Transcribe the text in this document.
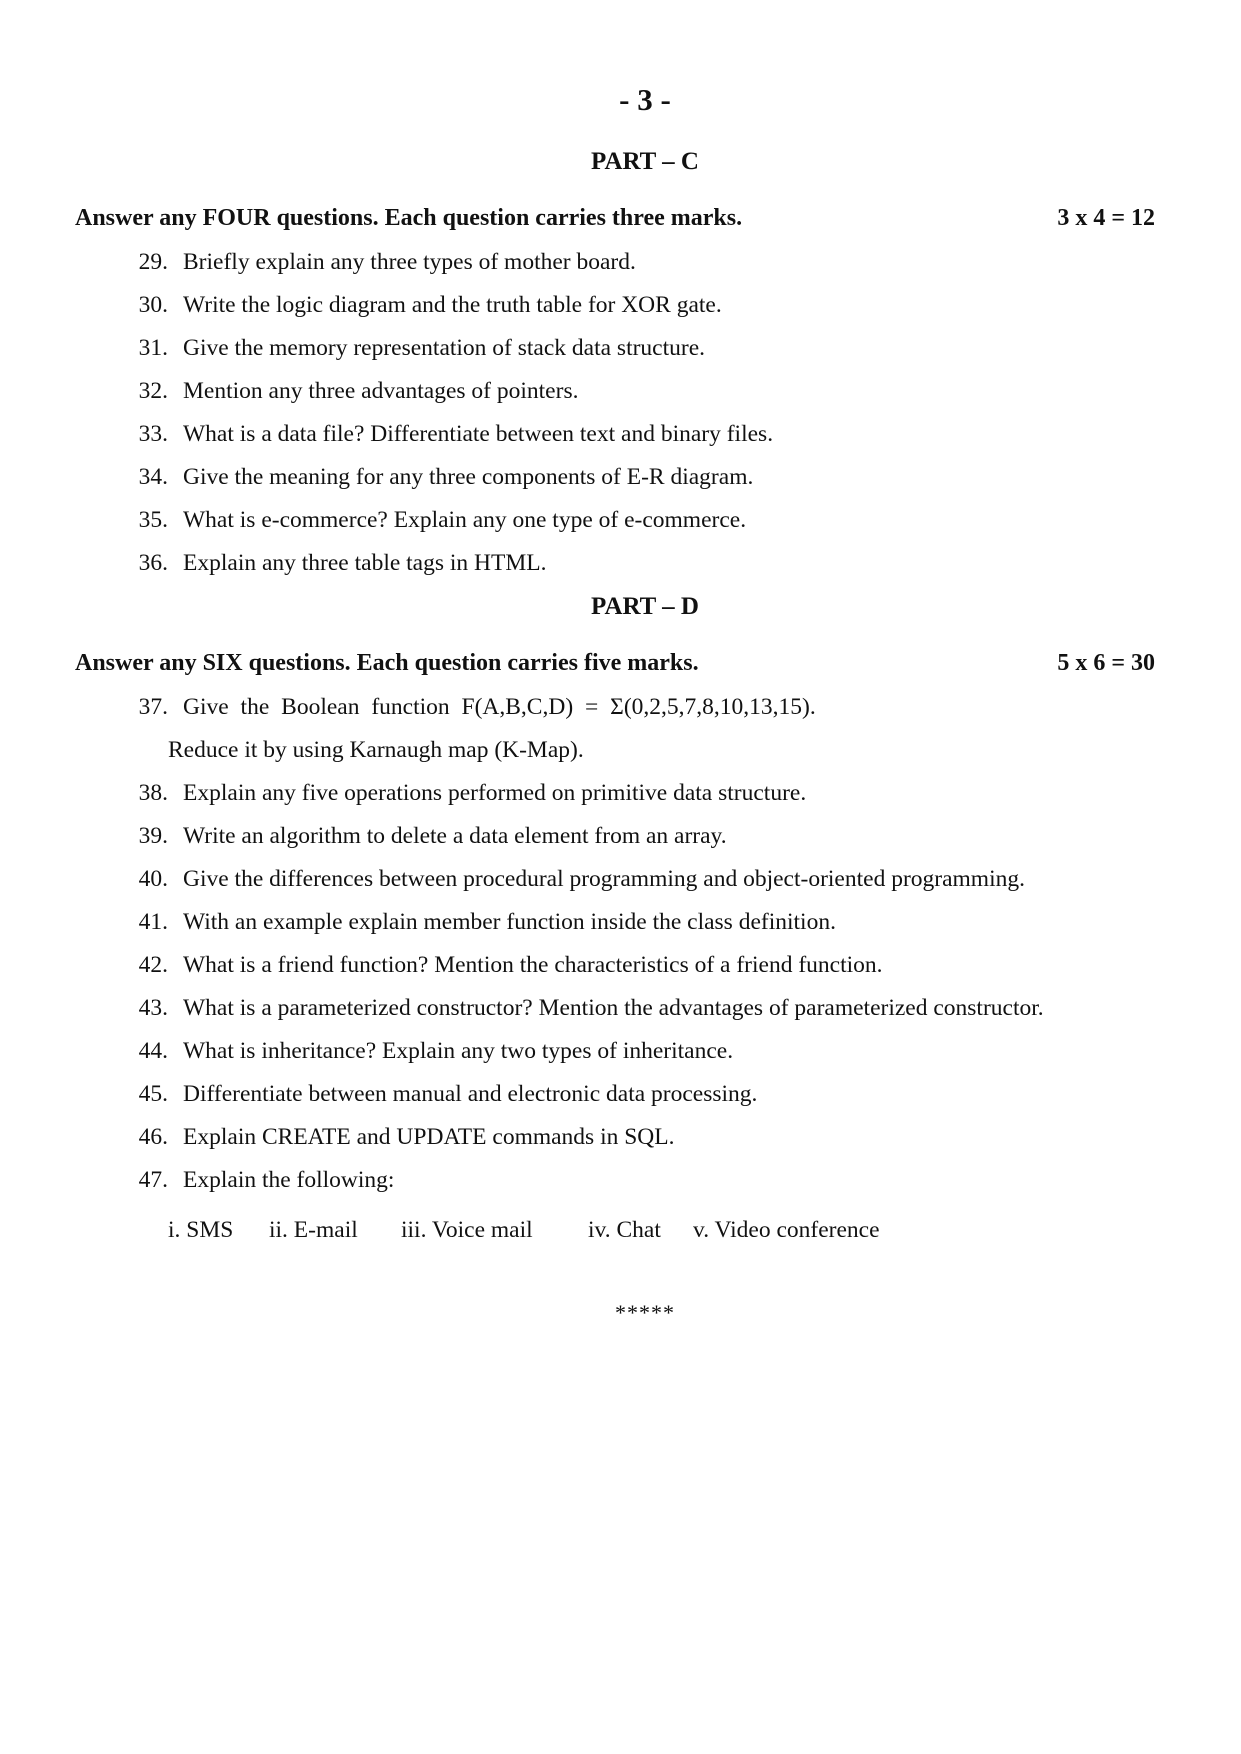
- 3 -
PART – C
Answer any FOUR questions. Each question carries three marks.	3 x 4 = 12
29. Briefly explain any three types of mother board.
30. Write the logic diagram and the truth table for XOR gate.
31. Give the memory representation of stack data structure.
32. Mention any three advantages of pointers.
33. What is a data file? Differentiate between text and binary files.
34. Give the meaning for any three components of E-R diagram.
35. What is e-commerce? Explain any one type of e-commerce.
36. Explain any three table tags in HTML.
PART – D
Answer any SIX questions. Each question carries five marks.	5 x 6 = 30
37. Give the Boolean function F(A,B,C,D) = Σ(0,2,5,7,8,10,13,15).
Reduce it by using Karnaugh map (K-Map).
38. Explain any five operations performed on primitive data structure.
39. Write an algorithm to delete a data element from an array.
40. Give the differences between procedural programming and object-oriented programming.
41. With an example explain member function inside the class definition.
42. What is a friend function? Mention the characteristics of a friend function.
43. What is a parameterized constructor? Mention the advantages of parameterized constructor.
44. What is inheritance? Explain any two types of inheritance.
45. Differentiate between manual and electronic data processing.
46. Explain CREATE and UPDATE commands in SQL.
47. Explain the following:
i. SMS ii. E-mail iii. Voice mail iv. Chat v. Video conference
*****
